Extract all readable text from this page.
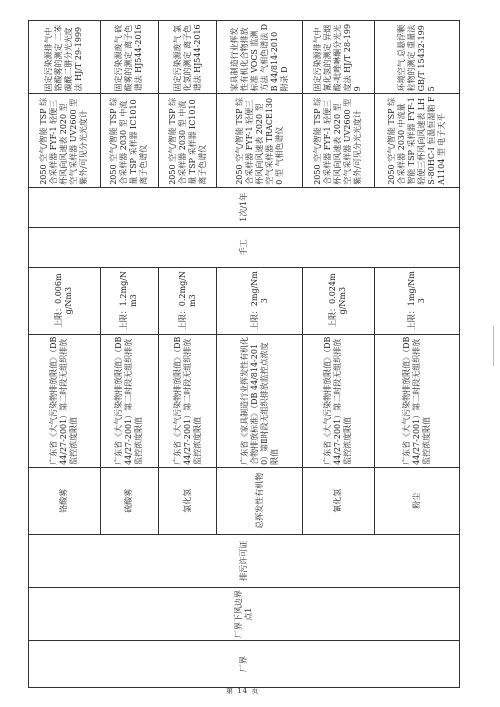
厂界	厂界下风边界点1	排污许可证	铬酸雾	广东省《大气污染物排放限值》（DB44/27-2001）第二时段无组织排放监控浓度限值	上限：0.006mg/Nm3	手工	1次/1年	2050 空气/智能 TSP 综合采样器 FYF-1 轻便三杯风向风速表 2020 型 空气采样器 UV2600 型 紫外/可见分光光度计	固定污染源排气中铬酸雾的测定 二苯碳酰二肼分光光度法 HJ/T 29-1999
			硫酸雾	广东省《大气污染物排放限值》（DB44/27-2001）第二时段无组织排放监控浓度限值	上限：1.2mg/Nm3			2050 空气/智能 TSP 综合采样器 2030 型 中流量 TSP 采样器 IC1010 离子色谱仪	固定污染源废气 硫酸雾的测定 离子色谱法 HJ544-2016
			氯化氢	广东省《大气污染物排放限值》（DB44/27-2001）第二时段无组织排放监控浓度限值	上限：0.2mg/Nm3			2050 空气/智能 TSP 综合采样器 2030 型 中流量 TSP 采样器 IC1010 离子色谱仪	固定污染源废气 氯化氢的测定 离子色谱法 HJ544-2016
			总挥发性有机物	广东省《家具制造行业挥发性有机化合物排放标准》（DB 44/814-2010）第Ⅱ时段无组织排放监控点浓度限值	上限：2mg/Nm3			2050 空气/智能 TSP 综合采样器 FYF-1 轻便三杯风向风速表 2020 型 空气采样器 TRACE1300 型 气相色谱仪	家具制造行业挥发性有机化合物排放标准 VOCS 监测方法 气相色谱法 DB 44/814-2010 附录 D
			氰化氢	广东省《大气污染物排放限值》（DB44/27-2001）第二时段无组织排放监控浓度限值	上限：0.024mg/Nm3			2050 空气/智能 TSP 综合采样器 FYF-1 轻便三杯风向风速表 2020 型 空气采样器 UV2600 型 紫外/可见分光光度计	固定污染源排气中氰化氢的测定 异烟酸-吡唑啉酮分光光度法 HJ/T 28-1999
			粉尘	广东省《大气污染物排放限值》（DB44/27-2001）第二时段无组织排放监控浓度限值	上限：1mg/Nm3			2050 空气/智能 TSP 综合采样器 2030 中流量智能 TSP 采样器 FYF-1 轻便三杯风向风速表 LHS-80HC-I 恒温恒湿箱 FA1104 型 电子天平	环境空气 总悬浮颗粒物的测定 重量法 GB/T 15432-1995
第 14 页
